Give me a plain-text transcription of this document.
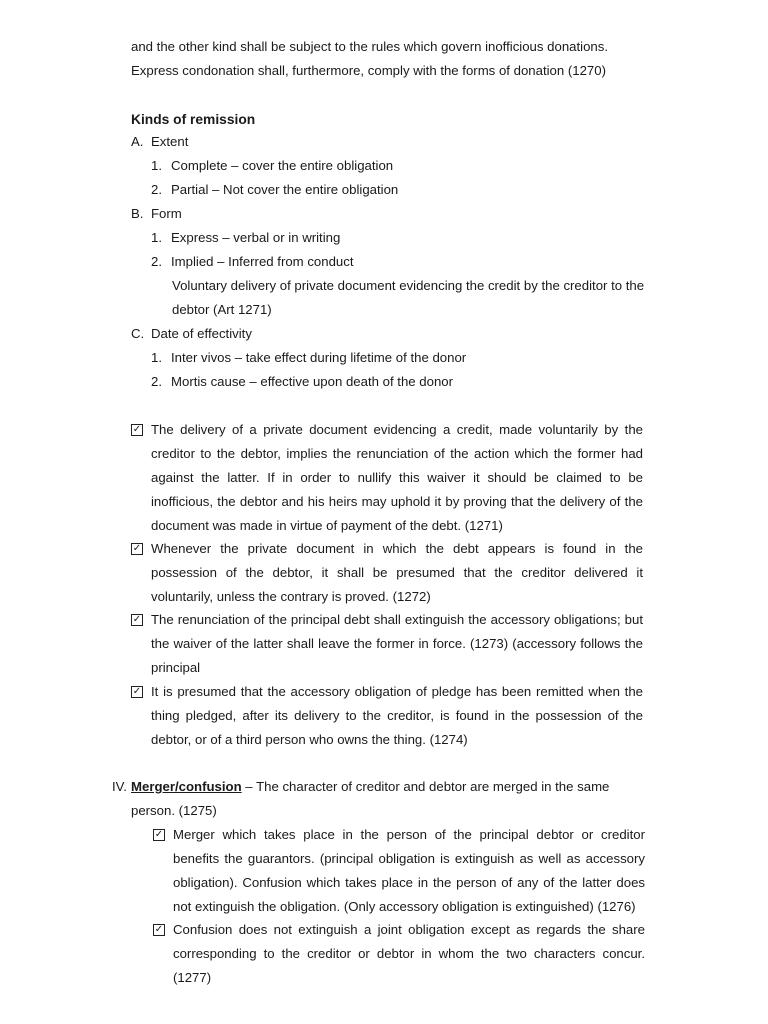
and the other kind shall be subject to the rules which govern inofficious donations.
Express condonation shall, furthermore, comply with the forms of donation (1270)
Kinds of remission
A. Extent
1. Complete – cover the entire obligation
2. Partial – Not cover the entire obligation
B. Form
1. Express – verbal or in writing
2. Implied – Inferred from conduct
Voluntary delivery of private document evidencing the credit by the creditor to the debtor (Art 1271)
C. Date of effectivity
1. Inter vivos – take effect during lifetime of the donor
2. Mortis cause – effective upon death of the donor
✓ The delivery of a private document evidencing a credit, made voluntarily by the creditor to the debtor, implies the renunciation of the action which the former had against the latter. If in order to nullify this waiver it should be claimed to be inofficious, the debtor and his heirs may uphold it by proving that the delivery of the document was made in virtue of payment of the debt. (1271)
✓ Whenever the private document in which the debt appears is found in the possession of the debtor, it shall be presumed that the creditor delivered it voluntarily, unless the contrary is proved. (1272)
✓ The renunciation of the principal debt shall extinguish the accessory obligations; but the waiver of the latter shall leave the former in force. (1273) (accessory follows the principal
✓ It is presumed that the accessory obligation of pledge has been remitted when the thing pledged, after its delivery to the creditor, is found in the possession of the debtor, or of a third person who owns the thing. (1274)
IV. Merger/confusion – The character of creditor and debtor are merged in the same
person. (1275)
✓ Merger which takes place in the person of the principal debtor or creditor benefits the guarantors. (principal obligation is extinguish as well as accessory obligation). Confusion which takes place in the person of any of the latter does not extinguish the obligation. (Only accessory obligation is extinguished) (1276)
✓ Confusion does not extinguish a joint obligation except as regards the share corresponding to the creditor or debtor in whom the two characters concur. (1277)
